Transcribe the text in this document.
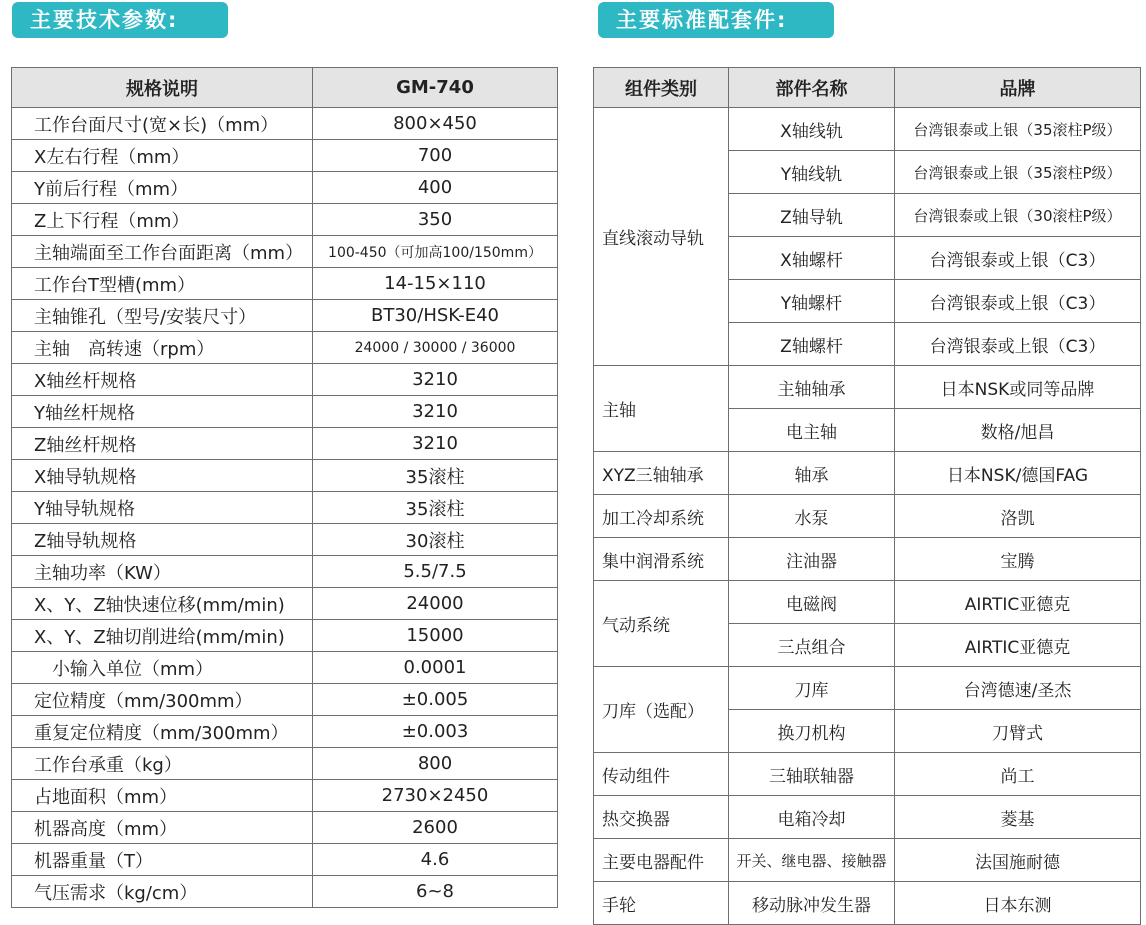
主要技术参数:	主要标准配套件:
规格说明	GM-740
工作台面尺寸(宽×长)（mm）	800×450
X左右行程（mm）	700
Y前后行程（mm）	400
Z上下行程（mm）	350
主轴端面至工作台面距离（mm）	100-450（可加高100/150mm）
工作台T型槽(mm）	14-15×110
主轴锥孔（型号/安装尺寸）	BT30/HSK-E40
主轴　高转速（rpm）	24000 / 30000 / 36000
X轴丝杆规格	3210
Y轴丝杆规格	3210
Z轴丝杆规格	3210
X轴导轨规格	35滚柱
Y轴导轨规格	35滚柱
Z轴导轨规格	30滚柱
主轴功率（KW）	5.5/7.5
X、Y、Z轴快速位移(mm/min)	24000
X、Y、Z轴切削进给(mm/min)	15000
　小输入单位（mm）	0.0001
定位精度（mm/300mm）	±0.005
重复定位精度（mm/300mm）	±0.003
工作台承重（kg）	800
占地面积（mm）	2730×2450
机器高度（mm）	2600
机器重量（T）	4.6
气压需求（kg/cm）	6~8
组件类别	部件名称	品牌
直线滚动导轨	X轴线轨	台湾银泰或上银（35滚柱P级）
	Y轴线轨	台湾银泰或上银（35滚柱P级）
	Z轴导轨	台湾银泰或上银（30滚柱P级）
	X轴螺杆	台湾银泰或上银（C3）
	Y轴螺杆	台湾银泰或上银（C3）
	Z轴螺杆	台湾银泰或上银（C3）
主轴	主轴轴承	日本NSK或同等品牌
	电主轴	数格/旭昌
XYZ三轴轴承	轴承	日本NSK/德国FAG
加工冷却系统	水泵	洛凯
集中润滑系统	注油器	宝腾
气动系统	电磁阀	AIRTIC亚德克
	三点组合	AIRTIC亚德克
刀库（选配）	刀库	台湾德速/圣杰
	换刀机构	刀臂式
传动组件	三轴联轴器	尚工
热交换器	电箱冷却	菱基
主要电器配件	开关、继电器、接触器	法国施耐德
手轮	移动脉冲发生器	日本东测
